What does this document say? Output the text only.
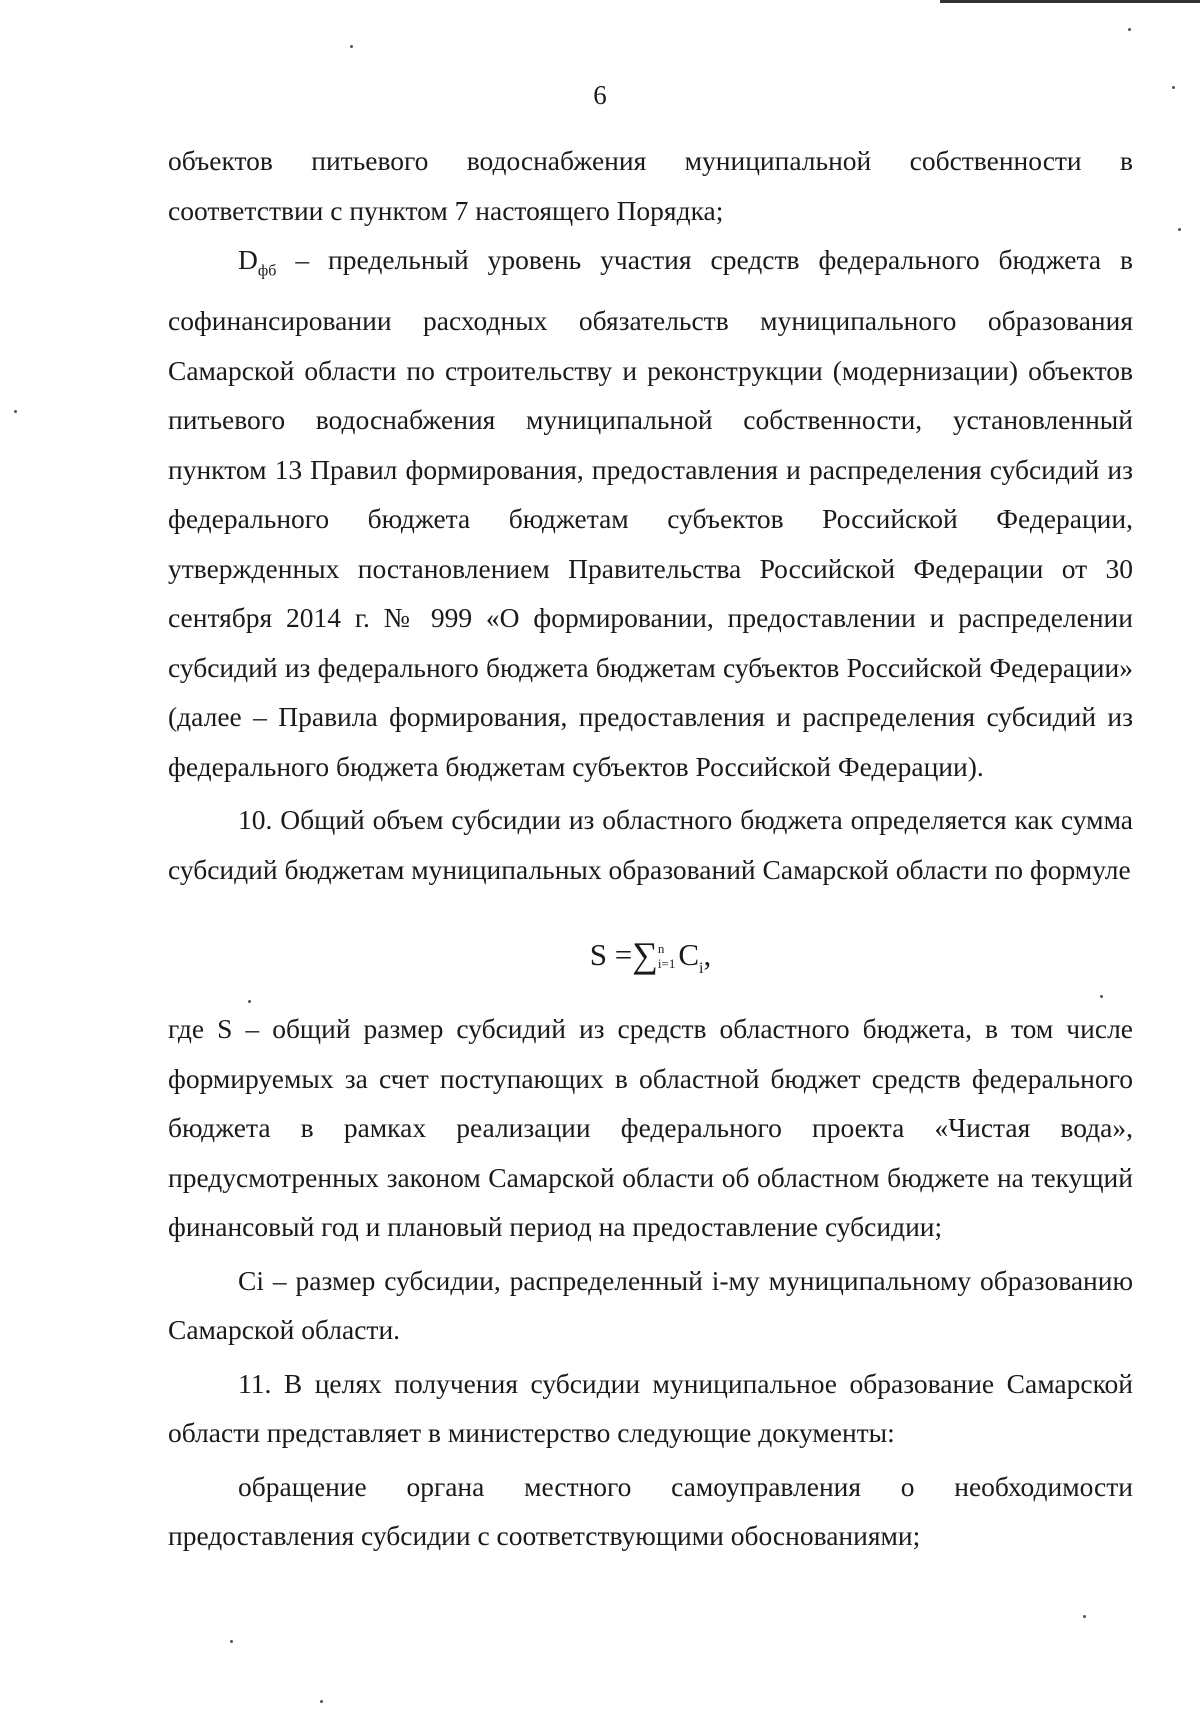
6

объектов питьевого водоснабжения муниципальной собственности в соответствии с пунктом 7 настоящего Порядка;

$D_{фб}$ – предельный уровень участия средств федерального бюджета в софинансировании расходных обязательств муниципального образования Самарской области по строительству и реконструкции (модернизации) объектов питьевого водоснабжения муниципальной собственности, установленный пунктом 13 Правил формирования, предоставления и распределения субсидий из федерального бюджета бюджетам субъектов Российской Федерации, утвержденных постановлением Правительства Российской Федерации от 30 сентября 2014 г. № 999 «О формировании, предоставлении и распределении субсидий из федерального бюджета бюджетам субъектов Российской Федерации» (далее – Правила формирования, предоставления и распределения субсидий из федерального бюджета бюджетам субъектов Российской Федерации).

10. Общий объем субсидии из областного бюджета определяется как сумма субсидий бюджетам муниципальных образований Самарской области по формуле

S =∑n
$i=1C_i$,

где S – общий размер субсидий из средств областного бюджета, в том числе формируемых за счет поступающих в областной бюджет средств федерального бюджета в рамках реализации федерального проекта «Чистая вода», предусмотренных законом Самарской области об областном бюджете на текущий финансовый год и плановый период на предоставление субсидии;

Ci – размер субсидии, распределенный i-му муниципальному образованию Самарской области.

11. В целях получения субсидии муниципальное образование Самарской области представляет в министерство следующие документы:

обращение органа местного самоуправления о необходимости предоставления субсидии с соответствующими обоснованиями;
